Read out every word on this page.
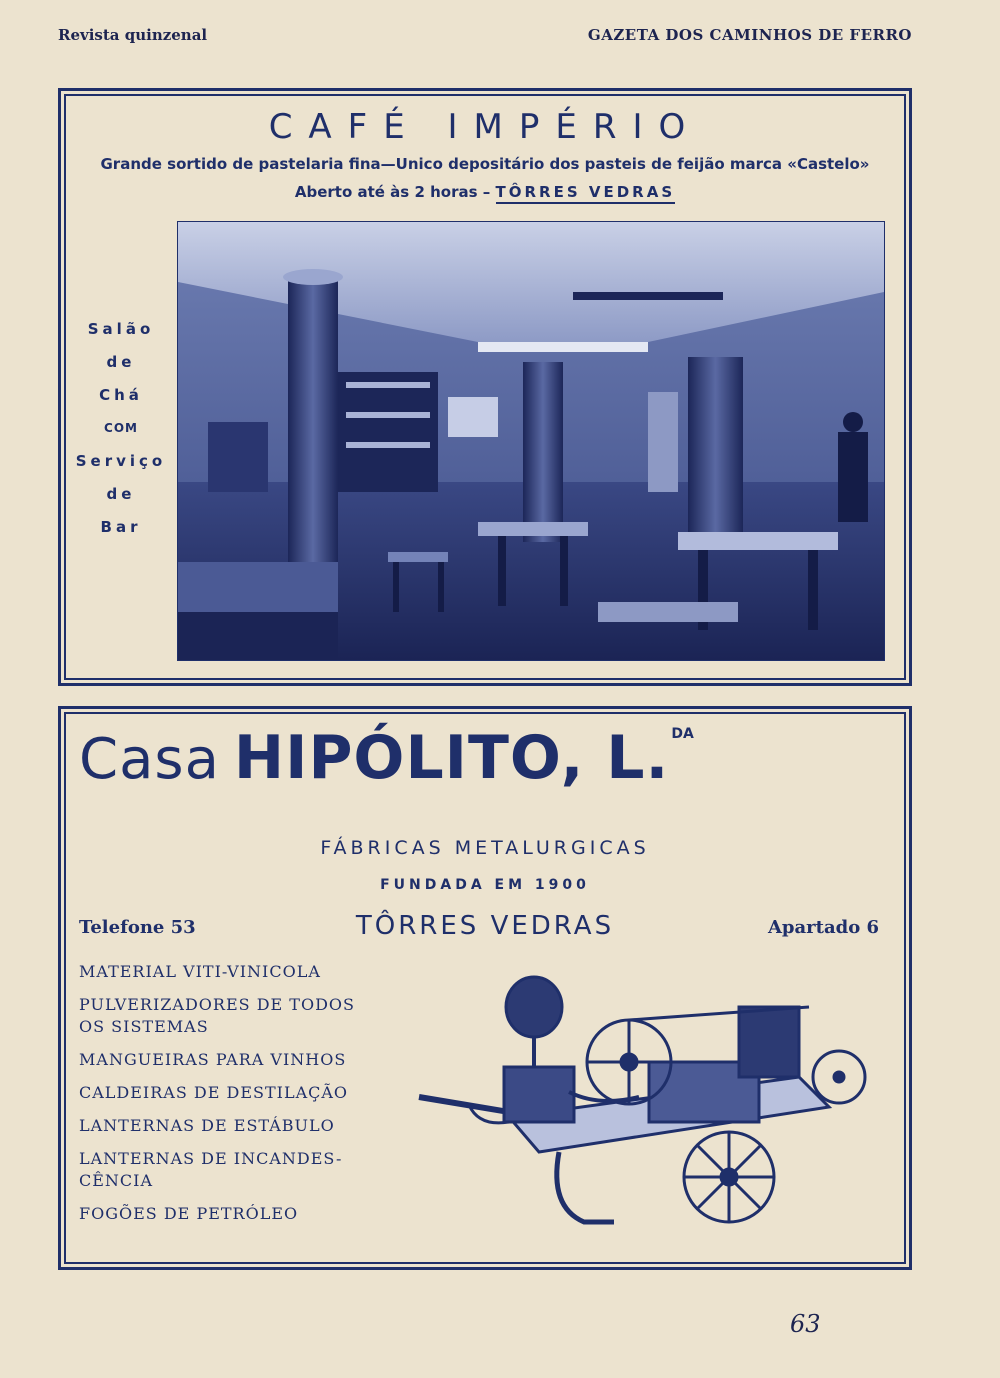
Revista quinzenal	GAZETA DOS CAMINHOS DE FERRO
CAFÉ IMPÉRIO
Grande sortido de pastelaria fina—Unico depositário dos pasteis de feijão marca «Castelo»
Aberto até às 2 horas – TÔRRES VEDRAS
Salão
de
Chá
COM
Serviço
de
Bar
Casa HIPÓLITO, L. DA
FÁBRICAS METALURGICAS
FUNDADA EM 1900
Telefone 53	TÔRRES VEDRAS	Apartado 6
MATERIAL VITI-VINICOLA
PULVERIZADORES DE TODOS
OS SISTEMAS
MANGUEIRAS PARA VINHOS
CALDEIRAS DE DESTILAÇÃO
LANTERNAS DE ESTÁBULO
LANTERNAS DE INCANDES-
CÊNCIA
FOGÕES DE PETRÓLEO
63
